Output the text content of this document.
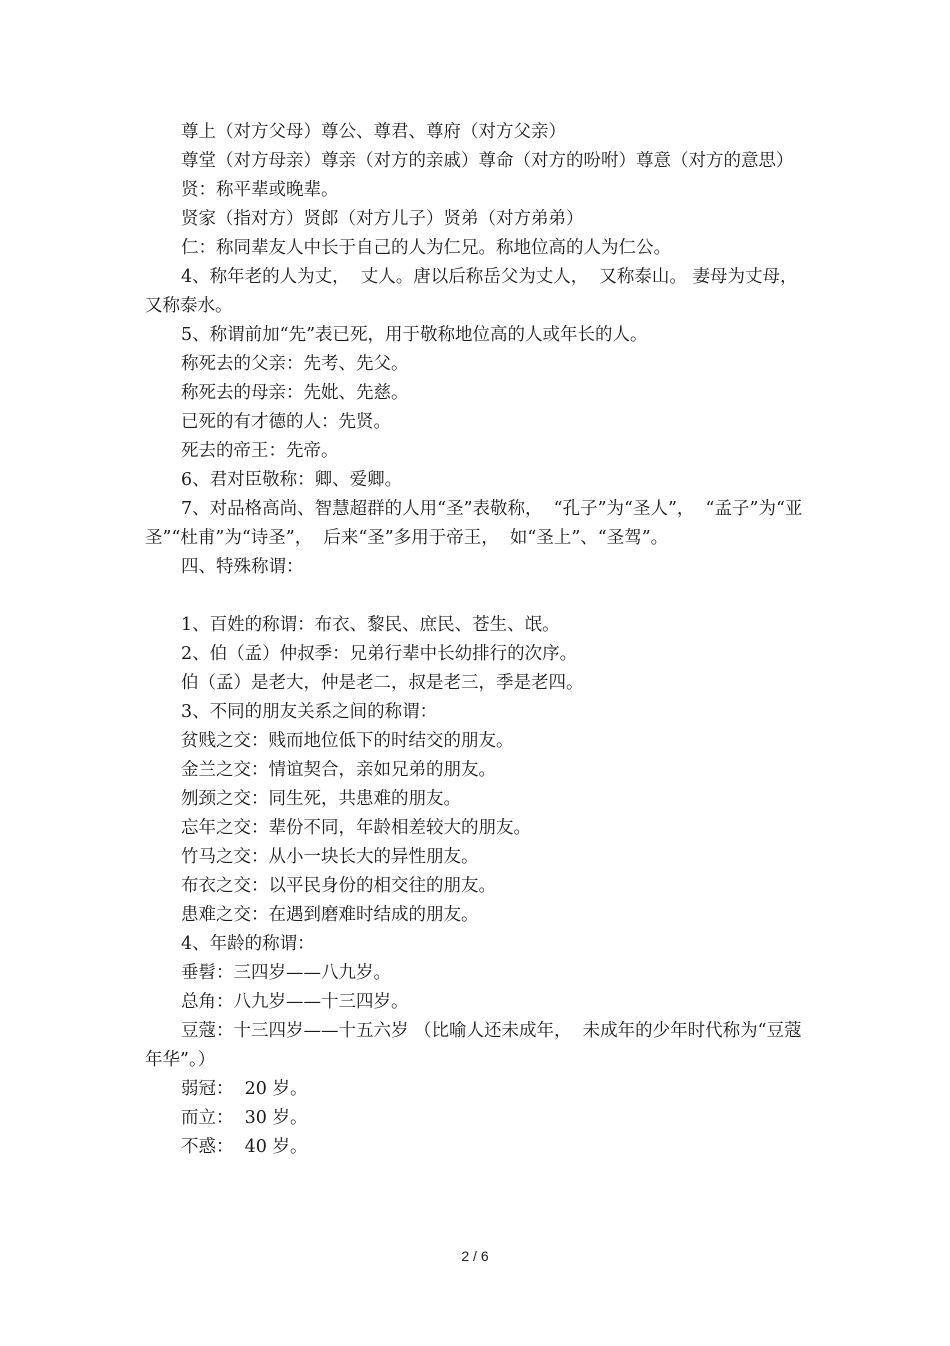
尊上（对方父母）尊公、尊君、尊府（对方父亲）

尊堂（对方母亲）尊亲（对方的亲戚）尊命（对方的吩咐）尊意（对方的意思）

贤：称平辈或晚辈。

贤家（指对方）贤郎（对方儿子）贤弟（对方弟弟）

仁：称同辈友人中长于自己的人为仁兄。称地位高的人为仁公。

4、称年老的人为丈，  丈人。唐以后称岳父为丈人，  又称泰山。 妻母为丈母，又称泰水。

5、称谓前加“先”表已死，用于敬称地位高的人或年长的人。

称死去的父亲：先考、先父。

称死去的母亲：先妣、先慈。

已死的有才德的人：先贤。

死去的帝王：先帝。

6、君对臣敬称：卿、爱卿。

7、对品格高尚、智慧超群的人用“圣”表敬称，  “孔子”为“圣人”，  “孟子”为“亚圣”“杜甫”为“诗圣”，  后来“圣”多用于帝王，  如“圣上”、“圣驾”。

四、特殊称谓：

1、百姓的称谓：布衣、黎民、庶民、苍生、氓。

2、伯（孟）仲叔季：兄弟行辈中长幼排行的次序。

伯（孟）是老大，仲是老二，叔是老三，季是老四。

3、不同的朋友关系之间的称谓：

贫贱之交：贱而地位低下的时结交的朋友。

金兰之交：情谊契合，亲如兄弟的朋友。

刎颈之交：同生死，共患难的朋友。

忘年之交：辈份不同，年龄相差较大的朋友。

竹马之交：从小一块长大的异性朋友。

布衣之交：以平民身份的相交往的朋友。

患难之交：在遇到磨难时结成的朋友。

4、年龄的称谓：

垂髫：三四岁——八九岁。

总角：八九岁——十三四岁。

豆蔻：十三四岁——十五六岁 （比喻人还未成年，  未成年的少年时代称为“豆蔻年华”。）

弱冠：  20 岁。

而立：  30 岁。

不惑：  40 岁。

2 / 6
